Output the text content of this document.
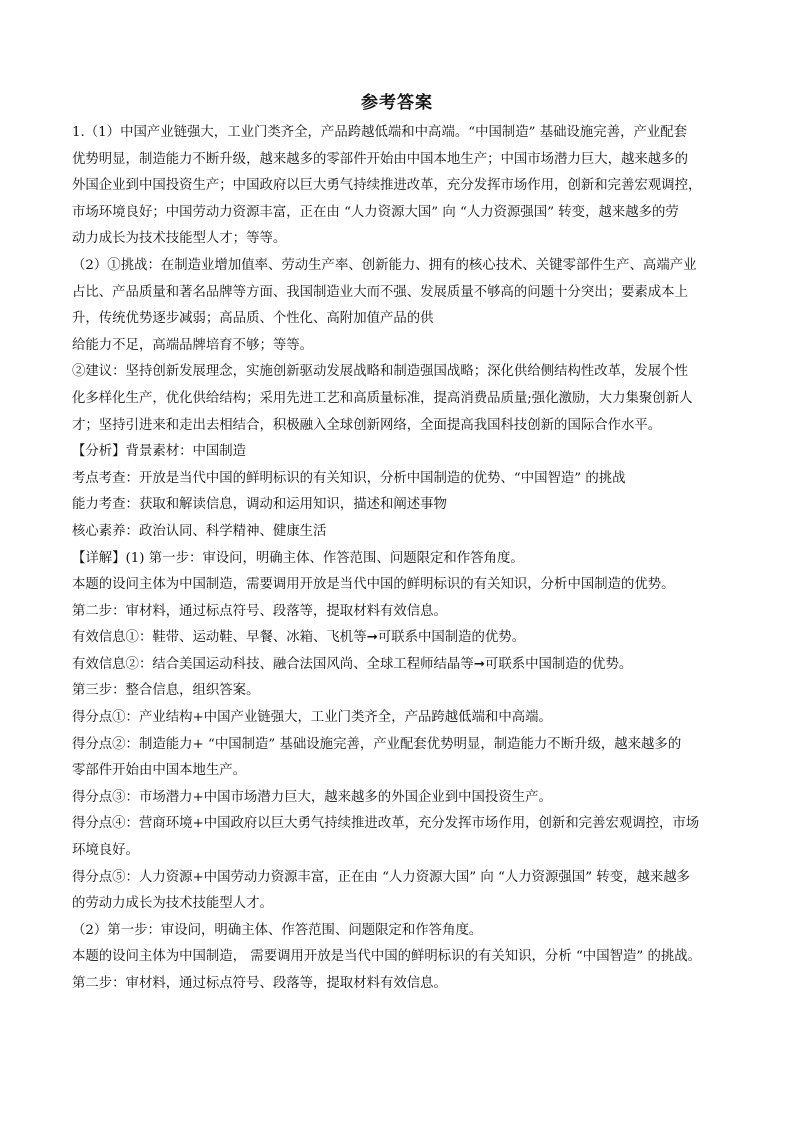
参考答案
1.（1）中国产业链强大，工业门类齐全，产品跨越低端和中高端。“中国制造” 基础设施完善，产业配套
优势明显，制造能力不断升级，越来越多的零部件开始由中国本地生产；中国市场潜力巨大，越来越多的
外国企业到中国投资生产；中国政府以巨大勇气持续推进改革，充分发挥市场作用，创新和完善宏观调控，
市场环境良好；中国劳动力资源丰富，正在由 “人力资源大国” 向 “人力资源强国” 转变，越来越多的劳
动力成长为技术技能型人才；等等。
（2）①挑战：在制造业增加值率、劳动生产率、创新能力、拥有的核心技术、关键零部件生产、高端产业
占比、产品质量和著名品牌等方面、我国制造业大而不强、发展质量不够高的问题十分突出；要素成本上
升，传统优势逐步减弱；高品质、个性化、高附加值产品的供
给能力不足，高端品牌培育不够；等等。
②建议：坚持创新发展理念，实施创新驱动发展战略和制造强国战略；深化供给侧结构性改革，发展个性
化多样化生产，优化供给结构；采用先进工艺和高质量标准，提高消费品质量;强化激励，大力集聚创新人
才；坚持引进来和走出去相结合，积极融入全球创新网络，全面提高我国科技创新的国际合作水平。
【分析】背景素材：中国制造
考点考查：开放是当代中国的鲜明标识的有关知识，分析中国制造的优势、“中国智造” 的挑战
能力考查：获取和解读信息，调动和运用知识，描述和阐述事物
核心素养：政治认同、科学精神、健康生活
【详解】(1) 第一步：审设问，明确主体、作答范围、问题限定和作答角度。
本题的设问主体为中国制造，需要调用开放是当代中国的鲜明标识的有关知识，分析中国制造的优势。
第二步：审材料，通过标点符号、段落等，提取材料有效信息。
有效信息①：鞋带、运动鞋、早餐、冰箱、飞机等➞可联系中国制造的优势。
有效信息②：结合美国运动科技、融合法国风尚、全球工程师结晶等➞可联系中国制造的优势。
第三步：整合信息，组织答案。
得分点①：产业结构+中国产业链强大，工业门类齐全，产品跨越低端和中高端。
得分点②：制造能力+ “中国制造” 基础设施完善，产业配套优势明显，制造能力不断升级，越来越多的
零部件开始由中国本地生产。
得分点③：市场潜力+中国市场潜力巨大，越来越多的外国企业到中国投资生产。
得分点④：营商环境+中国政府以巨大勇气持续推进改革，充分发挥市场作用，创新和完善宏观调控，市场
环境良好。
得分点⑤：人力资源+中国劳动力资源丰富，正在由 “人力资源大国” 向 “人力资源强国” 转变，越来越多
的劳动力成长为技术技能型人才。
（2）第一步：审设问，明确主体、作答范围、问题限定和作答角度。
本题的设问主体为中国制造， 需要调用开放是当代中国的鲜明标识的有关知识，分析 “中国智造” 的挑战。
第二步：审材料，通过标点符号、段落等，提取材料有效信息。
